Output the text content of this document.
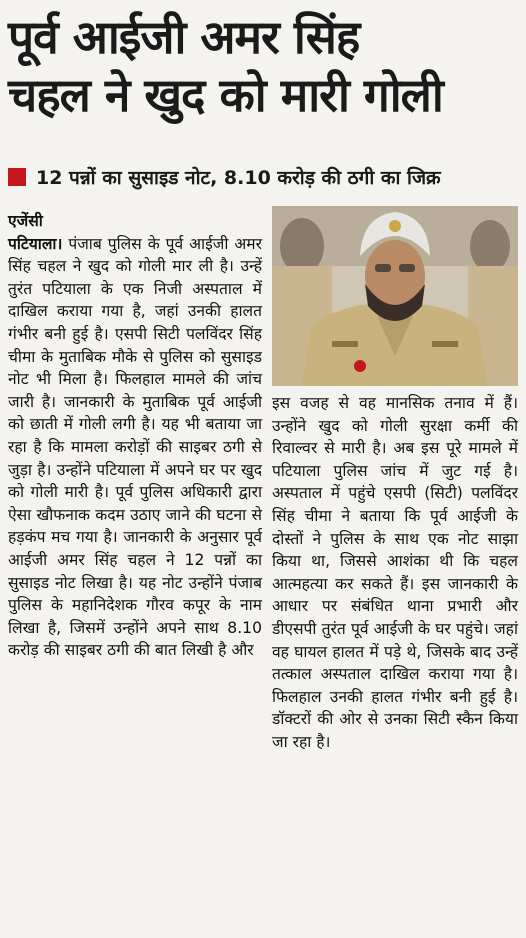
पूर्व आईजी अमर सिंह
चहल ने खुद को मारी गोली
12 पन्नों का सुसाइड नोट, 8.10 करोड़ की ठगी का जिक्र
एजेंसी
पटियाला। पंजाब पुलिस के पूर्व आईजी अमर सिंह चहल ने खुद को गोली मार ली है। उन्हें तुरंत पटियाला के एक निजी अस्पताल में दाखिल कराया गया है, जहां उनकी हालत गंभीर बनी हुई है। एसपी सिटी पलविंदर सिंह चीमा के मुताबिक मौके से पुलिस को सुसाइड नोट भी मिला है। फिलहाल मामले की जांच जारी है। जानकारी के मुताबिक पूर्व आईजी को छाती में गोली लगी है। यह भी बताया जा रहा है कि मामला करोड़ों की साइबर ठगी से जुड़ा है। उन्होंने पटियाला में अपने घर पर खुद को गोली मारी है। पूर्व पुलिस अधिकारी द्वारा ऐसा खौफनाक कदम उठाए जाने की घटना से हड़कंप मच गया है। जानकारी के अनुसार पूर्व आईजी अमर सिंह चहल ने 12 पन्नों का सुसाइड नोट लिखा है। यह नोट उन्होंने पंजाब पुलिस के महानिदेशक गौरव कपूर के नाम लिखा है, जिसमें उन्होंने अपने साथ 8.10 करोड़ की साइबर ठगी की बात लिखी है और
इस वजह से वह मानसिक तनाव में हैं। उन्होंने खुद को गोली सुरक्षा कर्मी की रिवाल्वर से मारी है। अब इस पूरे मामले में पटियाला पुलिस जांच में जुट गई है। अस्पताल में पहुंचे एसपी (सिटी) पलविंदर सिंह चीमा ने बताया कि पूर्व आईजी के दोस्तों ने पुलिस के साथ एक नोट साझा किया था, जिससे आशंका थी कि चहल आत्महत्या कर सकते हैं। इस जानकारी के आधार पर संबंधित थाना प्रभारी और डीएसपी तुरंत पूर्व आईजी के घर पहुंचे। जहां वह घायल हालत में पड़े थे, जिसके बाद उन्हें तत्काल अस्पताल दाखिल कराया गया है। फिलहाल उनकी हालत गंभीर बनी हुई है। डॉक्टरों की ओर से उनका सिटी स्कैन किया जा रहा है।
